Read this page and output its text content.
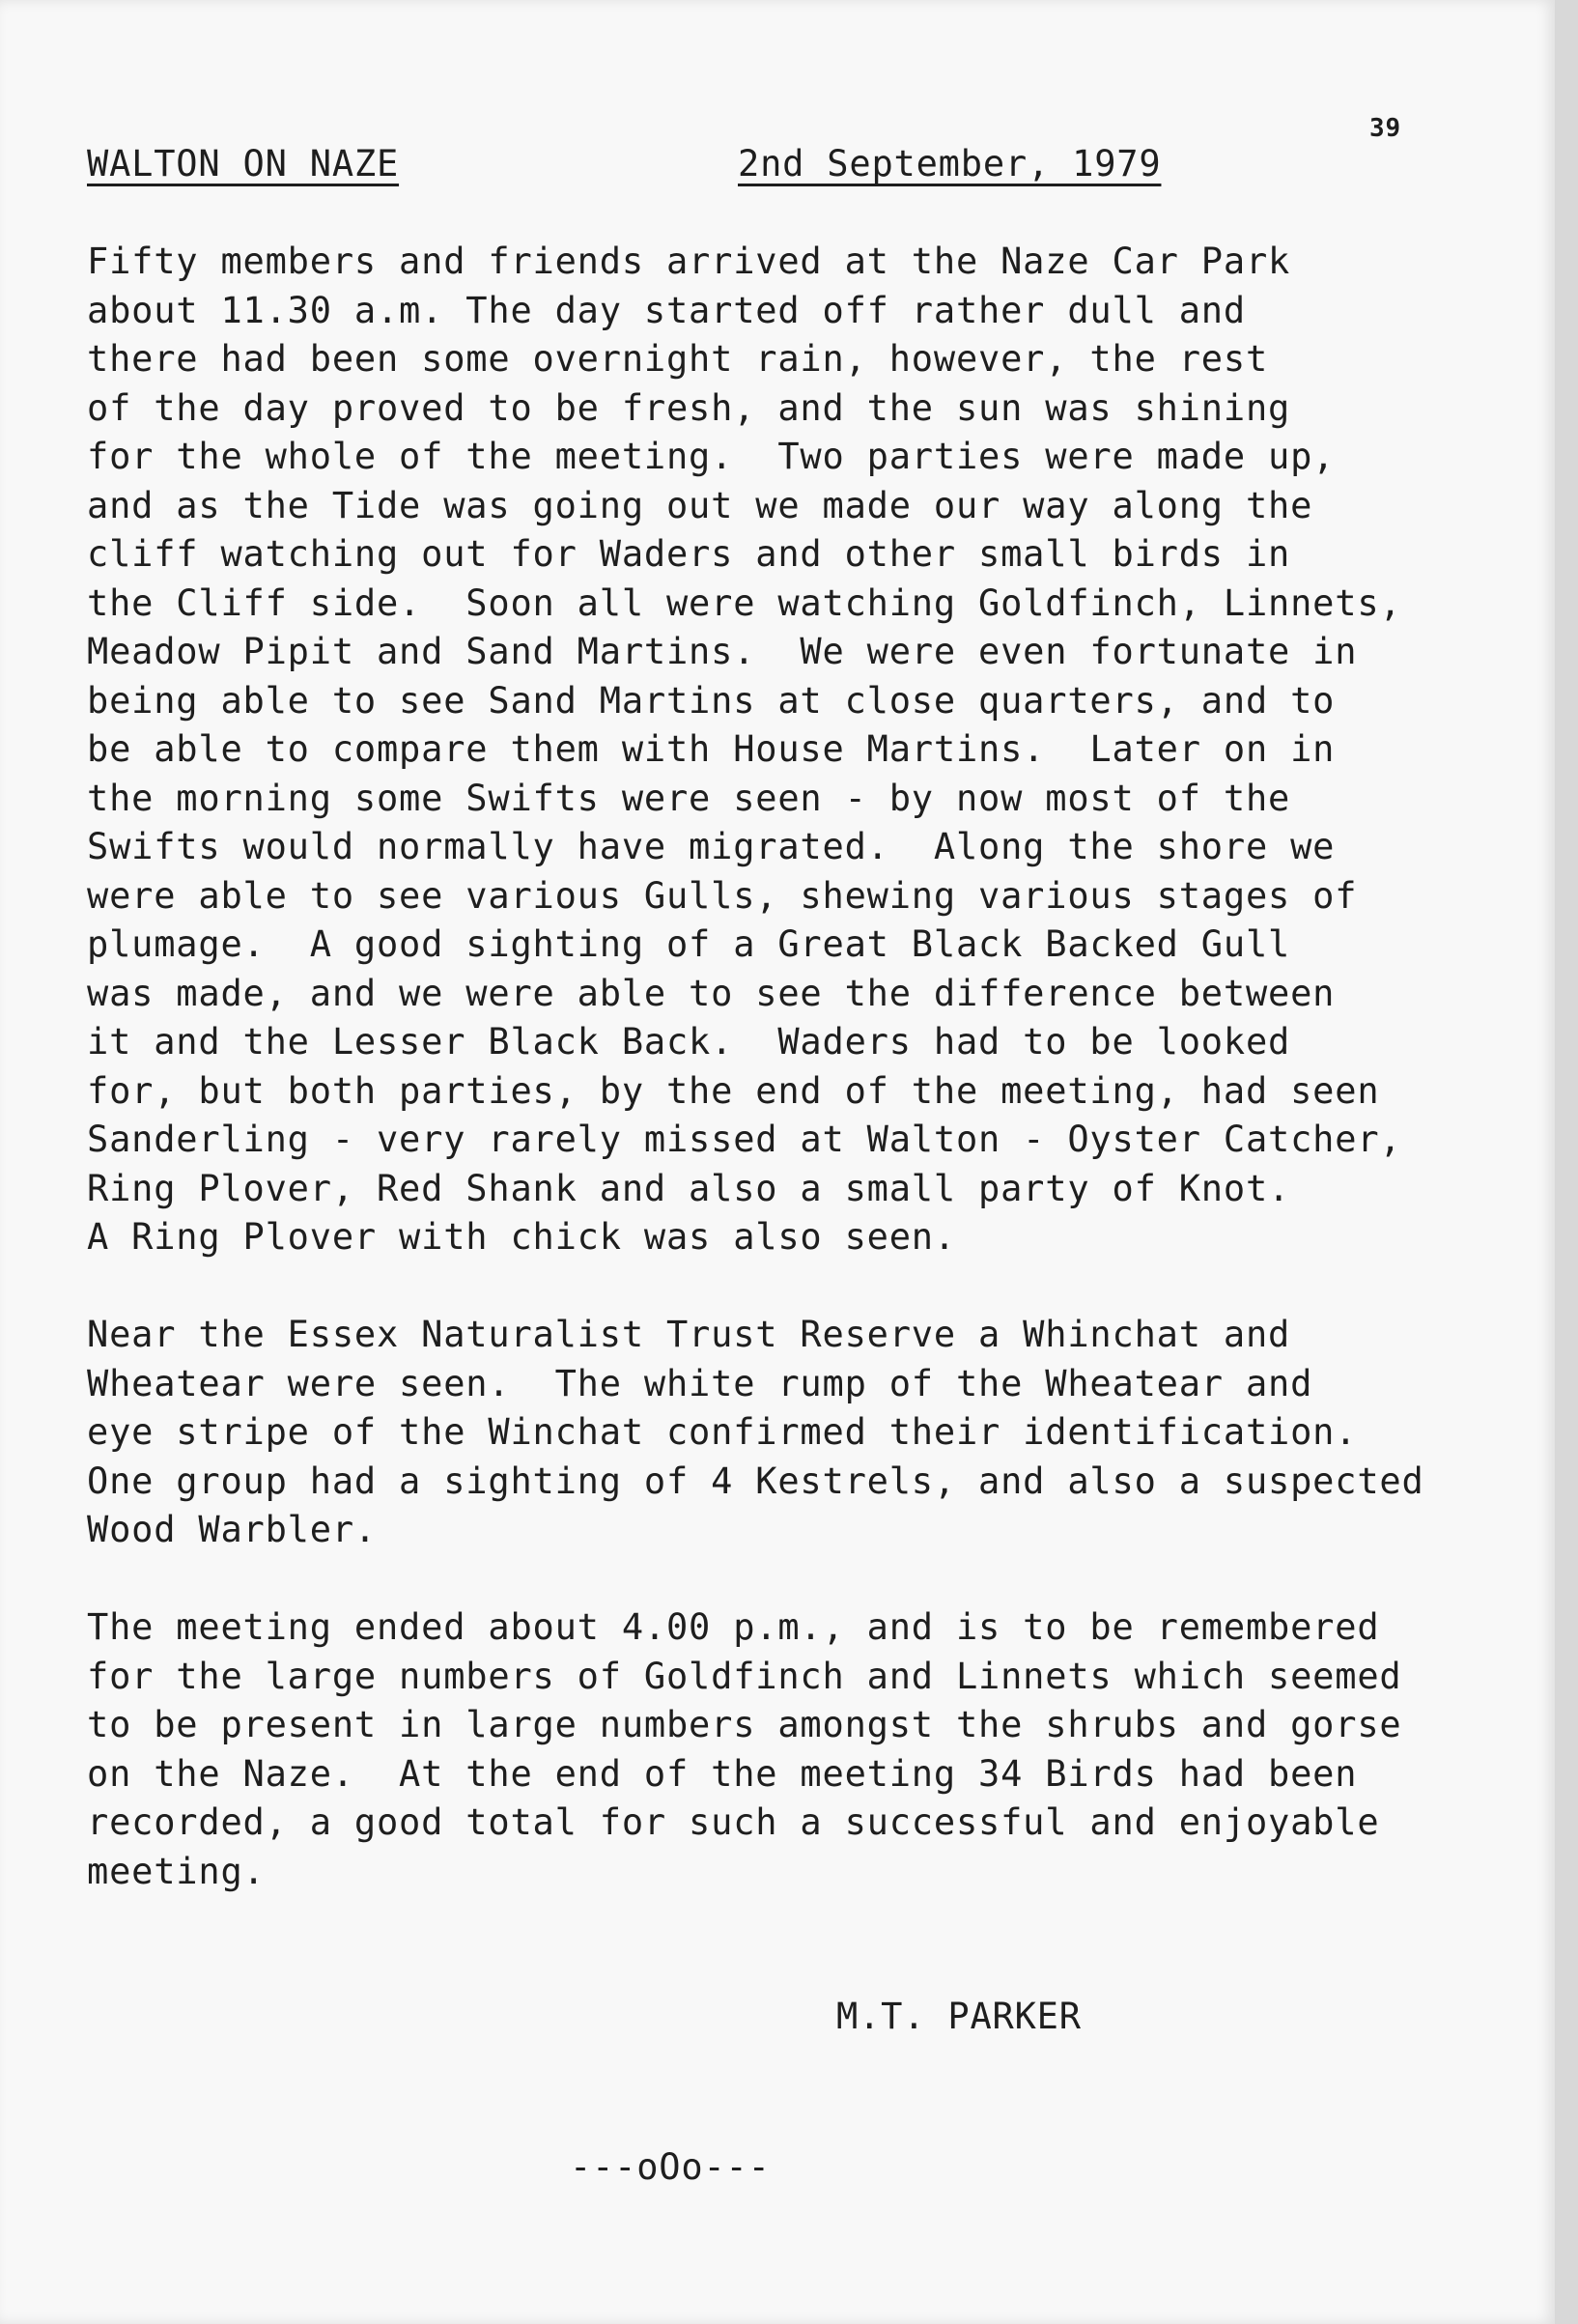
39
WALTON ON NAZE	2nd September, 1979
Fifty members and friends arrived at the Naze Car Park
about 11.30 a.m. The day started off rather dull and
there had been some overnight rain, however, the rest
of the day proved to be fresh, and the sun was shining
for the whole of the meeting.  Two parties were made up,
and as the Tide was going out we made our way along the
cliff watching out for Waders and other small birds in
the Cliff side.  Soon all were watching Goldfinch, Linnets,
Meadow Pipit and Sand Martins.  We were even fortunate in
being able to see Sand Martins at close quarters, and to
be able to compare them with House Martins.  Later on in
the morning some Swifts were seen - by now most of the
Swifts would normally have migrated.  Along the shore we
were able to see various Gulls, shewing various stages of
plumage.  A good sighting of a Great Black Backed Gull
was made, and we were able to see the difference between
it and the Lesser Black Back.  Waders had to be looked
for, but both parties, by the end of the meeting, had seen
Sanderling - very rarely missed at Walton - Oyster Catcher,
Ring Plover, Red Shank and also a small party of Knot.
A Ring Plover with chick was also seen.
Near the Essex Naturalist Trust Reserve a Whinchat and
Wheatear were seen.  The white rump of the Wheatear and
eye stripe of the Winchat confirmed their identification.
One group had a sighting of 4 Kestrels, and also a suspected
Wood Warbler.
The meeting ended about 4.00 p.m., and is to be remembered
for the large numbers of Goldfinch and Linnets which seemed
to be present in large numbers amongst the shrubs and gorse
on the Naze.  At the end of the meeting 34 Birds had been
recorded, a good total for such a successful and enjoyable
meeting.
M.T. PARKER
---oOo---
